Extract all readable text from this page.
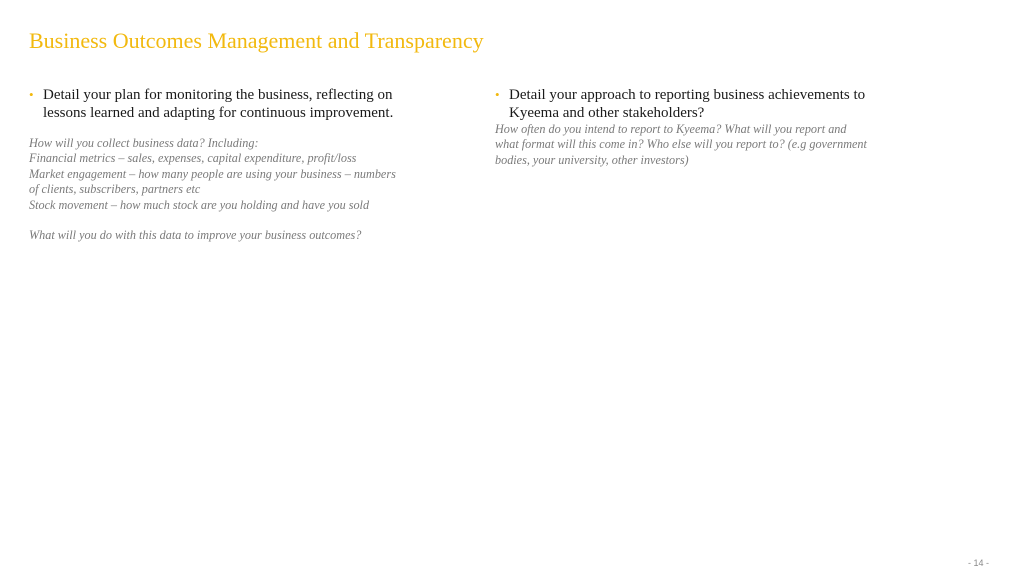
Business Outcomes Management and Transparency
• Detail your plan for monitoring the business, reflecting on
lessons learned and adapting for continuous improvement.
How will you collect business data? Including:
Financial metrics – sales, expenses, capital expenditure, profit/loss
Market engagement – how many people are using your business – numbers
of clients, subscribers, partners etc
Stock movement – how much stock are you holding and have you sold
What will you do with this data to improve your business outcomes?
• Detail your approach to reporting business achievements to
Kyeema and other stakeholders?
How often do you intend to report to Kyeema? What will you report and
what format will this come in? Who else will you report to? (e.g government
bodies, your university, other investors)
- 14 -
